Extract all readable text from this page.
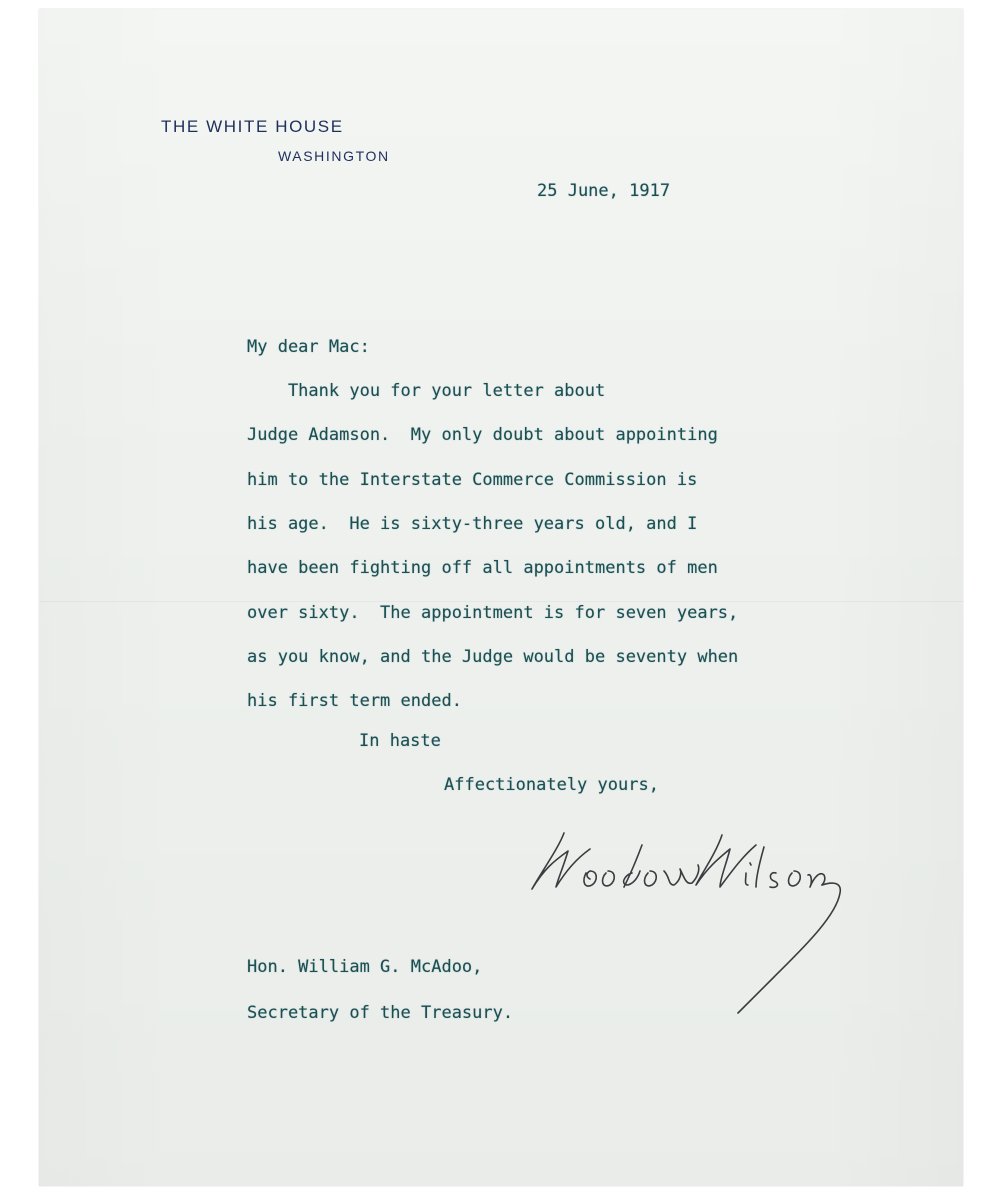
THE WHITE HOUSE
WASHINGTON
25 June, 1917
My dear Mac:
Thank you for your letter about
Judge Adamson.  My only doubt about appointing
him to the Interstate Commerce Commission is
his age.  He is sixty-three years old, and I
have been fighting off all appointments of men
over sixty.  The appointment is for seven years,
as you know, and the Judge would be seventy when
his first term ended.
In haste
Affectionately yours,
Hon. William G. McAdoo,
Secretary of the Treasury.
